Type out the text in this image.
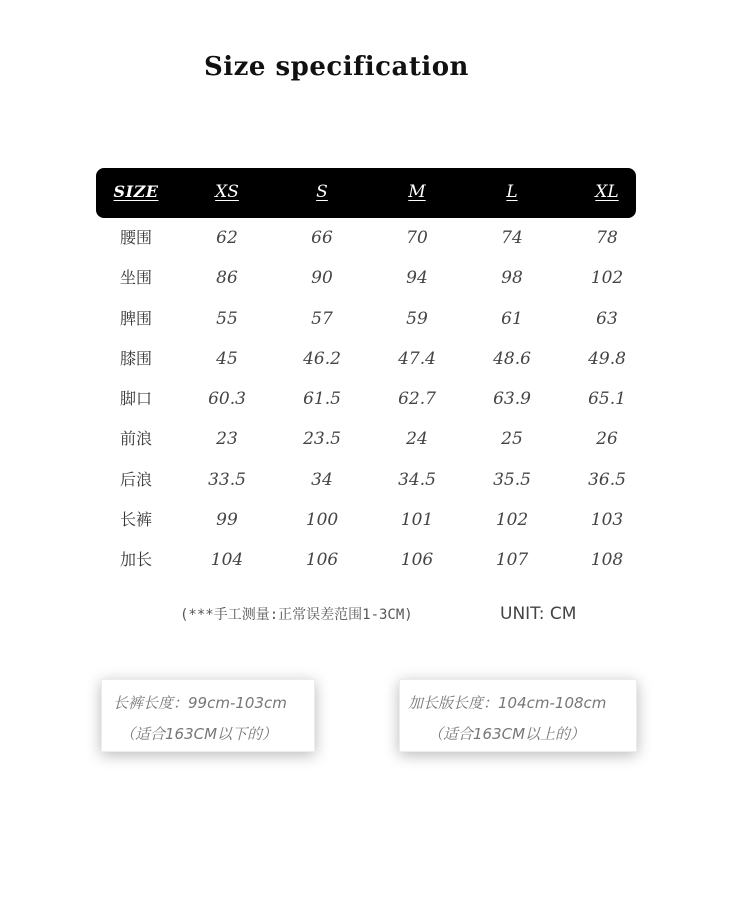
Size specification
SIZE	XS	S	M	L	XL
腰围	62	66	70	74	78
坐围	86	90	94	98	102
脾围	55	57	59	61	63
膝围	45	46.2	47.4	48.6	49.8
脚口	60.3	61.5	62.7	63.9	65.1
前浪	23	23.5	24	25	26
后浪	33.5	34	34.5	35.5	36.5
长裤	99	100	101	102	103
加长	104	106	106	107	108
(***手工测量:正常误差范围1-3CM)	UNIT: CM
长裤长度：99cm-103cm
（适合163CM以下的）
加长版长度：104cm-108cm
（适合163CM以上的）
